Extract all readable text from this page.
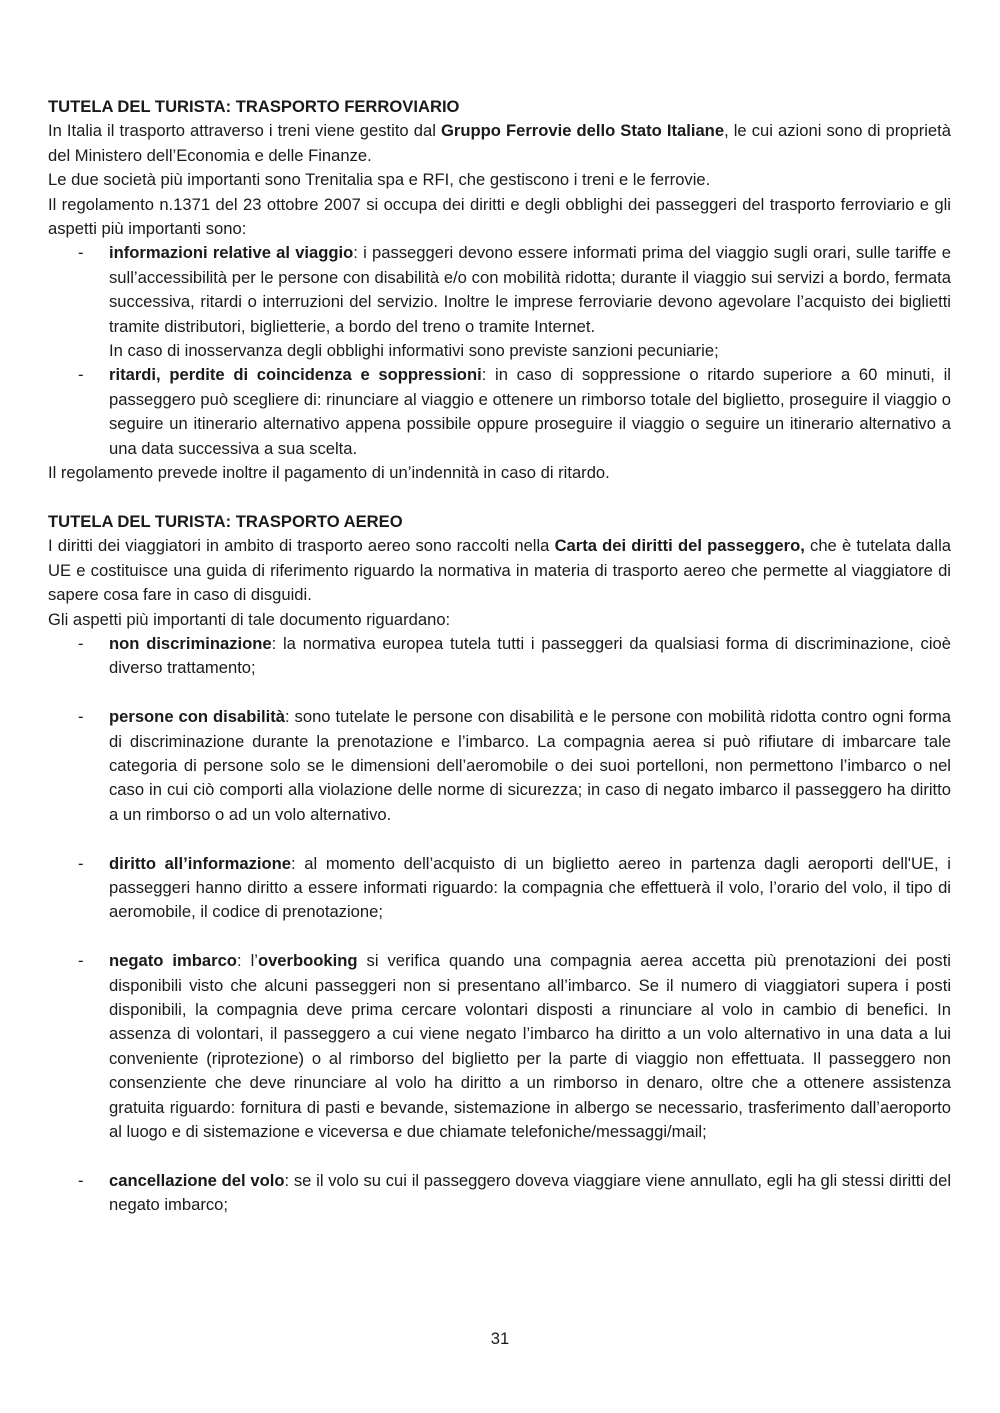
TUTELA DEL TURISTA: TRASPORTO FERROVIARIO

In Italia il trasporto attraverso i treni viene gestito dal Gruppo Ferrovie dello Stato Italiane, le cui azioni sono di proprietà del Ministero dell’Economia e delle Finanze.

Le due società più importanti sono Trenitalia spa e RFI, che gestiscono i treni e le ferrovie.

Il regolamento n.1371 del 23 ottobre 2007 si occupa dei diritti e degli obblighi dei passeggeri del trasporto ferroviario e gli aspetti più importanti sono:

- informazioni relative al viaggio: i passeggeri devono essere informati prima del viaggio sugli orari, sulle tariffe e sull’accessibilità per le persone con disabilità e/o con mobilità ridotta; durante il viaggio sui servizi a bordo, fermata successiva, ritardi o interruzioni del servizio. Inoltre le imprese ferroviarie devono agevolare l’acquisto dei biglietti tramite distributori, biglietterie, a bordo del treno o tramite Internet.
In caso di inosservanza degli obblighi informativi sono previste sanzioni pecuniarie;
- ritardi, perdite di coincidenza e soppressioni: in caso di soppressione o ritardo superiore a 60 minuti, il passeggero può scegliere di: rinunciare al viaggio e ottenere un rimborso totale del biglietto, proseguire il viaggio o seguire un itinerario alternativo appena possibile oppure proseguire il viaggio o seguire un itinerario alternativo a una data successiva a sua scelta.

Il regolamento prevede inoltre il pagamento di un’indennità in caso di ritardo.

TUTELA DEL TURISTA: TRASPORTO AEREO

I diritti dei viaggiatori in ambito di trasporto aereo sono raccolti nella Carta dei diritti del passeggero, che è tutelata dalla UE e costituisce una guida di riferimento riguardo la normativa in materia di trasporto aereo che permette al viaggiatore di sapere cosa fare in caso di disguidi.

Gli aspetti più importanti di tale documento riguardano:

- non discriminazione: la normativa europea tutela tutti i passeggeri da qualsiasi forma di discriminazione, cioè diverso trattamento;
- persone con disabilità: sono tutelate le persone con disabilità e le persone con mobilità ridotta contro ogni forma di discriminazione durante la prenotazione e l’imbarco. La compagnia aerea si può rifiutare di imbarcare tale categoria di persone solo se le dimensioni dell’aeromobile o dei suoi portelloni, non permettono l’imbarco o nel caso in cui ciò comporti alla violazione delle norme di sicurezza; in caso di negato imbarco il passeggero ha diritto a un rimborso o ad un volo alternativo.
- diritto all’informazione: al momento dell’acquisto di un biglietto aereo in partenza dagli aeroporti dell'UE, i passeggeri hanno diritto a essere informati riguardo: la compagnia che effettuerà il volo, l’orario del volo, il tipo di aeromobile, il codice di prenotazione;
- negato imbarco: l’overbooking si verifica quando una compagnia aerea accetta più prenotazioni dei posti disponibili visto che alcuni passeggeri non si presentano all’imbarco. Se il numero di viaggiatori supera i posti disponibili, la compagnia deve prima cercare volontari disposti a rinunciare al volo in cambio di benefici. In assenza di volontari, il passeggero a cui viene negato l’imbarco ha diritto a un volo alternativo in una data a lui conveniente (riprotezione) o al rimborso del biglietto per la parte di viaggio non effettuata. Il passeggero non consenziente che deve rinunciare al volo ha diritto a un rimborso in denaro, oltre che a ottenere assistenza gratuita riguardo: fornitura di pasti e bevande, sistemazione in albergo se necessario, trasferimento dall’aeroporto al luogo e di sistemazione e viceversa e due chiamate telefoniche/messaggi/mail;
- cancellazione del volo: se il volo su cui il passeggero doveva viaggiare viene annullato, egli ha gli stessi diritti del negato imbarco;
31
